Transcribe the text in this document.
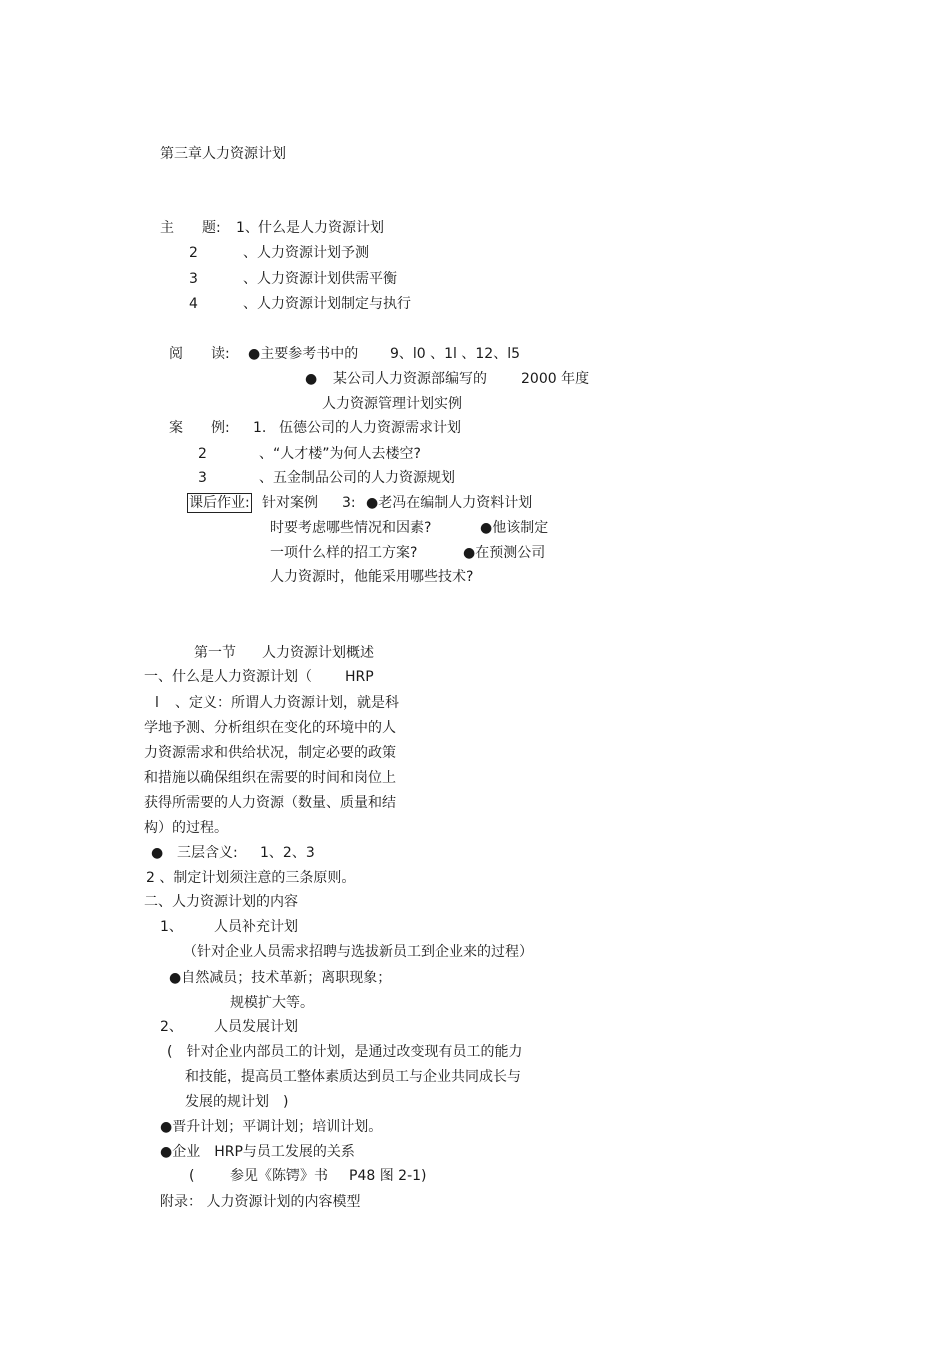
第三章人力资源计划
主　　题: 1、 什么是人力资源计划
2	、人力资源计划予测
3	、人力资源计划供需平衡
4	、人力资源计划制定与执行
阅　　读: ●主要参考书中的 9、l0 、1l 、12、l5
● 某公司人力资源部编写的 2000 年度
人力资源管理计划实例
案　　例: 1. 伍德公司的人力资源需求计划
2	、“人才楼”为何人去楼空?
3	、五金制品公司的人力资源规划
课后作业: 针对案例 3: ●老冯在编制人力资料计划
时要考虑哪些情况和因素?	●他该制定
一项什么样的招工方案?	●在预测公司
人力资源时，他能采用哪些技术?
第一节 人力资源计划概述
一、什么是人力资源计划（ HRP
l 、定义：所谓人力资源计划，就是科
学地予测、分析组织在变化的环境中的人
力资源需求和供给状况，制定必要的政策
和措施以确保组织在需要的时间和岗位上
获得所需要的人力资源（数量、质量和结
构）的过程。
● 三层含义: 1、2、3
2 、制定计划须注意的三条原则。
二、人力资源计划的内容
1、 人员补充计划
（针对企业人员需求招聘与选拔新员工到企业来的过程）
●自然减员；技术革新；离职现象；
规模扩大等。
2、 人员发展计划
(　针对企业内部员工的计划，是通过改变现有员工的能力
和技能，提高员工整体素质达到员工与企业共同成长与
发展的规计划　)
●晋升计划；平调计划；培训计划。
●企业　HRP与员工发展的关系
(	参见《陈锷》书 P48 图 2-1)
附录： 人力资源计划的内容模型
